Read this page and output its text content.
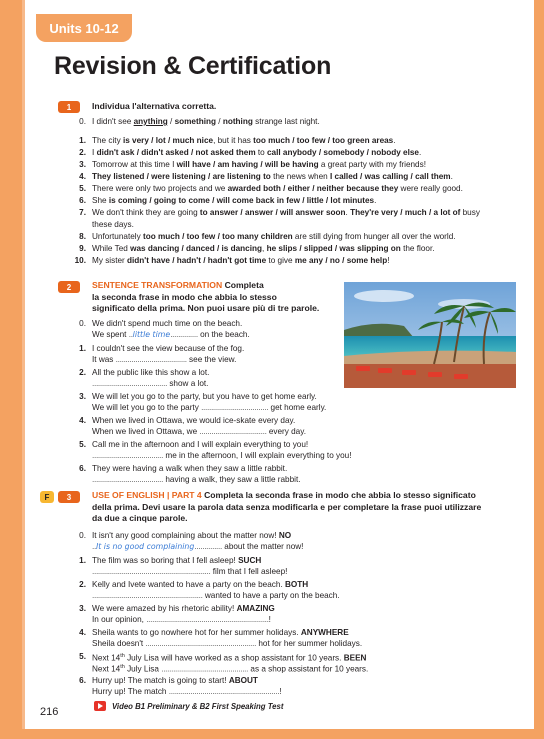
Units 10-12
Revision & Certification
1	Individua l'alternativa corretta.
0. I didn't see anything / something / nothing strange last night.
1. The city is very / lot / much nice, but it has too much / too few / too green areas.
2. I didn't ask / didn't asked / not asked them to call anybody / somebody / nobody else.
3. Tomorrow at this time I will have / am having / will be having a great party with my friends!
4. They listened / were listening / are listening to the news when I called / was calling / call them.
5. There were only two projects and we awarded both / either / neither because they were really good.
6. She is coming / going to come / will come back in few / little / lot minutes.
7. We don't think they are going to answer / answer / will answer soon. They're very / much / a lot of busy
these days.
8. Unfortunately too much / too few / too many children are still dying from hunger all over the world.
9. While Ted was dancing / danced / is dancing, he slips / slipped / was slipping on the floor.
10. My sister didn't have / hadn't / hadn't got time to give me any / no / some help!
2	SENTENCE TRANSFORMATION Completa
la seconda frase in modo che abbia lo stesso
significato della prima. Non puoi usare più di tre parole.
0. We didn't spend much time on the beach.
We spent ..little time.............. on the beach.
1. I couldn't see the view because of the fog.
It was .................................... see the view.
2. All the public like this show a lot.
...................................... show a lot.
3. We will let you go to the party, but you have to get home early.
We will let you go to the party .................................. get home early.
4. When we lived in Ottawa, we would ice-skate every day.
When we lived in Ottawa, we .................................. every day.
5. Call me in the afternoon and I will explain everything to you!
.................................... me in the afternoon, I will explain everything to you!
6. They were having a walk when they saw a little rabbit.
.................................... having a walk, they saw a little rabbit.
F	3	USE OF ENGLISH | PART 4 Completa la seconda frase in modo che abbia lo stesso significato
della prima. Devi usare la parola data senza modificarla e per completare la frase puoi utilizzare
da due a cinque parole.
0. It isn't any good complaining about the matter now! NO
..It is no good complaining.............. about the matter now!
1. The film was so boring that I fell asleep! SUCH
............................................................ film that I fell asleep!
2. Kelly and Ivete wanted to have a party on the beach. BOTH
........................................................ wanted to have a party on the beach.
3. We were amazed by his rhetoric ability! AMAZING
In our opinion, ..............................................................!
4. Sheila wants to go nowhere hot for her summer holidays. ANYWHERE
Sheila doesn't ........................................................ hot for her summer holidays.
5. Next 14th July Lisa will have worked as a shop assistant for 10 years. BEEN
Next 14th July Lisa ............................................ as a shop assistant for 10 years.
6. Hurry up! The match is going to start! ABOUT
Hurry up! The match ........................................................!
216	Video B1 Preliminary & B2 First Speaking Test
